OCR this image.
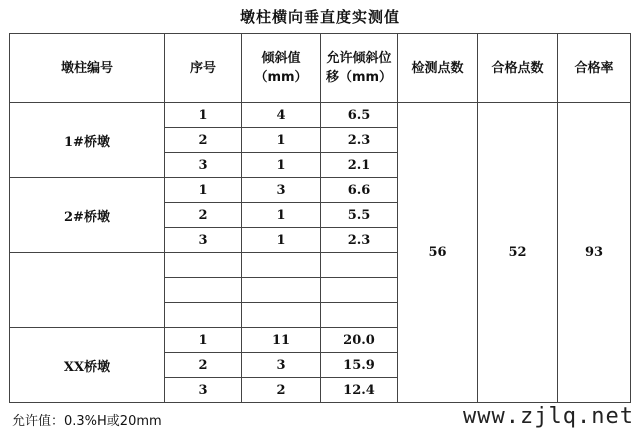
墩柱横向垂直度实测值
墩柱编号	序号	倾斜值（mm）	允许倾斜位移（mm）	检测点数	合格点数	合格率
1#桥墩	1	4	6.5	56	52	93
	2	1	2.3			
	3	1	2.1			
2#桥墩	1	3	6.6			
	2	1	5.5			
	3	1	2.3			

XX桥墩	1	11	20.0			
	2	3	15.9			
	3	2	12.4			
允许值：0.3%H或20mm	www.zjlq.net
